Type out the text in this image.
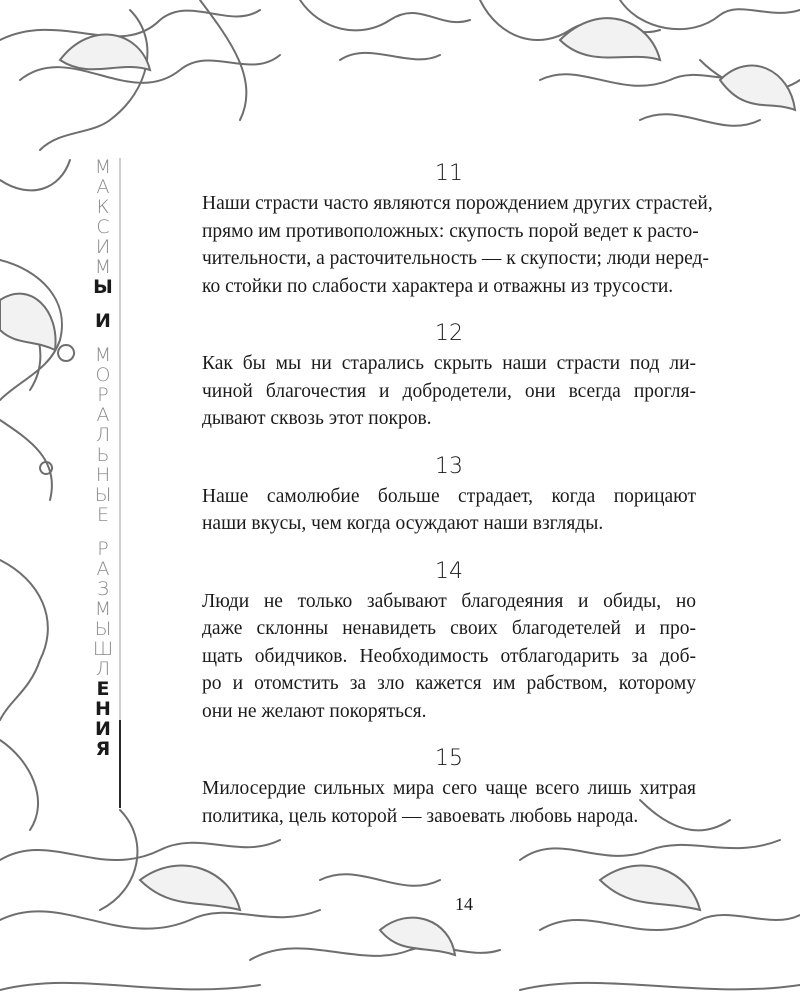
М
А
К
С
И
М
Ы
И
М
О
Р
А
Л
Ь
Н
Ы
Е
Р
А
З
М
Ы
Ш
Л
Е
Н
И
Я
11

Наши страсти часто являются порождением других страстей,
прямо им противоположных: скупость порой ведет к расто-
чительности, а расточительность — к скупости; люди неред-
ко стойки по слабости характера и отважны из трусости.

12

Как бы мы ни старались скрыть наши страсти под ли-
чиной благочестия и добродетели, они всегда прогля-
дывают сквозь этот покров.

13

Наше самолюбие больше страдает, когда порицают
наши вкусы, чем когда осуждают наши взгляды.

14

Люди не только забывают благодеяния и обиды, но
даже склонны ненавидеть своих благодетелей и про-
щать обидчиков. Необходимость отблагодарить за доб-
ро и отомстить за зло кажется им рабством, которому
они не желают покоряться.

15

Милосердие сильных мира сего чаще всего лишь хитрая
политика, цель которой — завоевать любовь народа.

14
